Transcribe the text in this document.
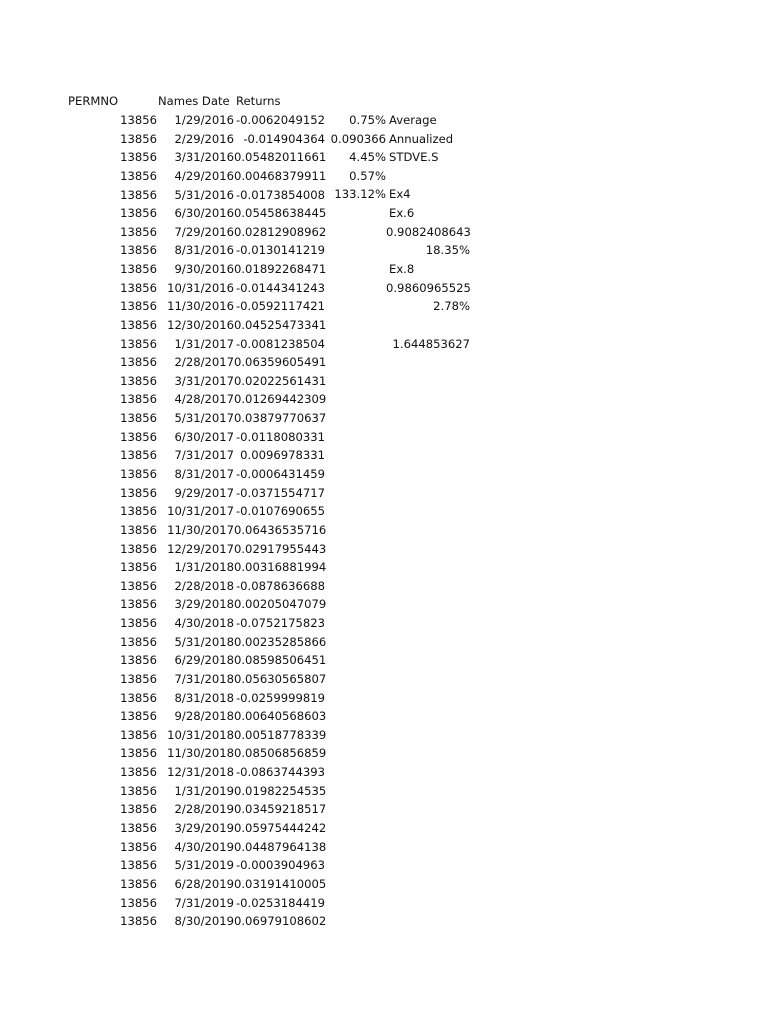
PERMNO	Names Date Returns
13856	1/29/2016 -0.0062049152
13856	2/29/2016 -0.014904364
13856	3/31/2016 0.05482011661
13856	4/29/2016 0.00468379911
13856	5/31/2016 -0.0173854008
13856	6/30/2016 0.05458638445
13856	7/29/2016 0.02812908962
13856	8/31/2016 -0.0130141219
13856	9/30/2016 0.01892268471
13856 10/31/2016 -0.0144341243
13856 11/30/2016 -0.0592117421
13856 12/30/2016 0.04525473341
13856	1/31/2017 -0.0081238504
13856	2/28/2017 0.06359605491
13856	3/31/2017 0.02022561431
13856	4/28/2017 0.01269442309
13856	5/31/2017 0.03879770637
13856	6/30/2017 -0.0118080331
13856	7/31/2017 0.0096978331
13856	8/31/2017 -0.0006431459
13856	9/29/2017 -0.0371554717
13856 10/31/2017 -0.0107690655
13856 11/30/2017 0.06436535716
13856 12/29/2017 0.02917955443
13856	1/31/2018 0.00316881994
13856	2/28/2018 -0.0878636688
13856	3/29/2018 0.00205047079
13856	4/30/2018 -0.0752175823
13856	5/31/2018 0.00235285866
13856	6/29/2018 0.08598506451
13856	7/31/2018 0.05630565807
13856	8/31/2018 -0.0259999819
13856	9/28/2018 0.00640568603
13856 10/31/2018 0.00518778339
13856 11/30/2018 0.08506856859
13856 12/31/2018 -0.0863744393
13856	1/31/2019 0.01982254535
13856	2/28/2019 0.03459218517
13856	3/29/2019 0.05975444242
13856	4/30/2019 0.04487964138
13856	5/31/2019 -0.0003904963
13856	6/28/2019 0.03191410005
13856	7/31/2019 -0.0253184419
13856	8/30/2019 0.06979108602
0.75% Average
0.090366 Annualized
4.45% STDVE.S
0.57%
133.12% Ex4
Ex.6
0.9082408643
18.35%
Ex.8
0.9860965525
2.78%
1.644853627
